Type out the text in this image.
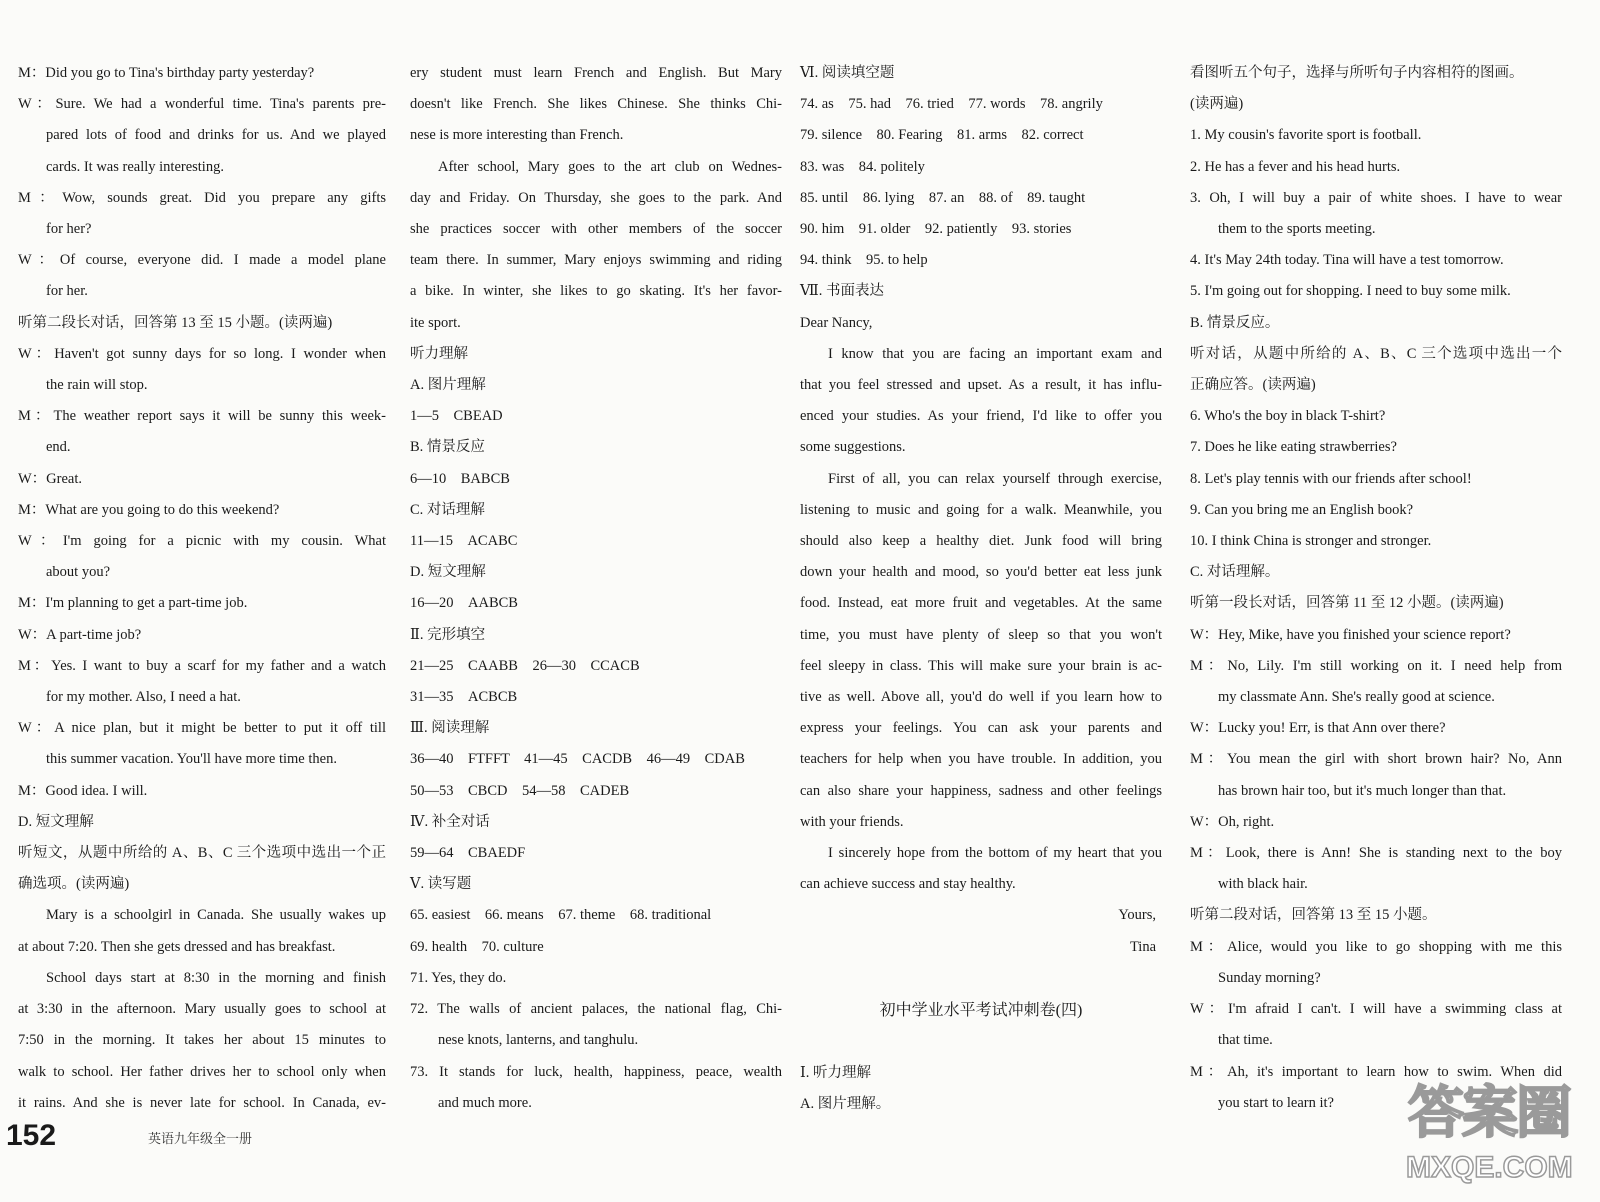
M：Did you go to Tina's birthday party yesterday?
W：Sure. We had a wonderful time. Tina's parents pre-
pared lots of food and drinks for us. And we played
cards. It was really interesting.
M：Wow, sounds great. Did you prepare any gifts
for her?
W：Of course, everyone did. I made a model plane
for her.
听第二段长对话，回答第 13 至 15 小题。(读两遍)
W：Haven't got sunny days for so long. I wonder when
the rain will stop.
M：The weather report says it will be sunny this week-
end.
W：Great.
M：What are you going to do this weekend?
W：I'm going for a picnic with my cousin. What
about you?
M：I'm planning to get a part-time job.
W：A part-time job?
M：Yes. I want to buy a scarf for my father and a watch
for my mother. Also, I need a hat.
W：A nice plan, but it might be better to put it off till
this summer vacation. You'll have more time then.
M：Good idea. I will.
D. 短文理解
听短文，从题中所给的 A、B、C 三个选项中选出一个正
确选项。(读两遍)
Mary is a schoolgirl in Canada. She usually wakes up
at about 7:20. Then she gets dressed and has breakfast.
School days start at 8:30 in the morning and finish
at 3:30 in the afternoon. Mary usually goes to school at
7:50 in the morning. It takes her about 15 minutes to
walk to school. Her father drives her to school only when
it rains. And she is never late for school. In Canada, ev-
ery student must learn French and English. But Mary
doesn't like French. She likes Chinese. She thinks Chi-
nese is more interesting than French.
After school, Mary goes to the art club on Wednes-
day and Friday. On Thursday, she goes to the park. And
she practices soccer with other members of the soccer
team there. In summer, Mary enjoys swimming and riding
a bike. In winter, she likes to go skating. It's her favor-
ite sport.
听力理解
A. 图片理解
1—5　CBEAD
B. 情景反应
6—10　BABCB
C. 对话理解
11—15　ACABC
D. 短文理解
16—20　AABCB
Ⅱ. 完形填空
21—25　CAABB　26—30　CCACB
31—35　ACBCB
Ⅲ. 阅读理解
36—40　FTFFT　41—45　CACDB　46—49　CDAB
50—53　CBCD　54—58　CADEB
Ⅳ. 补全对话
59—64　CBAEDF
Ⅴ. 读写题
65. easiest　66. means　67. theme　68. traditional
69. health　70. culture
71. Yes, they do.
72. The walls of ancient palaces, the national flag, Chi-
nese knots, lanterns, and tanghulu.
73. It stands for luck, health, happiness, peace, wealth
and much more.
Ⅵ. 阅读填空题
74. as　75. had　76. tried　77. words　78. angrily
79. silence　80. Fearing　81. arms　82. correct
83. was　84. politely
85. until　86. lying　87. an　88. of　89. taught
90. him　91. older　92. patiently　93. stories
94. think　95. to help
Ⅶ. 书面表达
Dear Nancy,
I know that you are facing an important exam and
that you feel stressed and upset. As a result, it has influ-
enced your studies. As your friend, I'd like to offer you
some suggestions.
First of all, you can relax yourself through exercise,
listening to music and going for a walk. Meanwhile, you
should also keep a healthy diet. Junk food will bring
down your health and mood, so you'd better eat less junk
food. Instead, eat more fruit and vegetables. At the same
time, you must have plenty of sleep so that you won't
feel sleepy in class. This will make sure your brain is ac-
tive as well. Above all, you'd do well if you learn how to
express your feelings. You can ask your parents and
teachers for help when you have trouble. In addition, you
can also share your happiness, sadness and other feelings
with your friends.
I sincerely hope from the bottom of my heart that you
can achieve success and stay healthy.
Yours,
Tina
初中学业水平考试冲刺卷(四)
Ⅰ. 听力理解
A. 图片理解。
看图听五个句子，选择与所听句子内容相符的图画。
(读两遍)
1. My cousin's favorite sport is football.
2. He has a fever and his head hurts.
3. Oh, I will buy a pair of white shoes. I have to wear
them to the sports meeting.
4. It's May 24th today. Tina will have a test tomorrow.
5. I'm going out for shopping. I need to buy some milk.
B. 情景反应。
听对话，从题中所给的 A、B、C 三个选项中选出一个
正确应答。(读两遍)
6. Who's the boy in black T-shirt?
7. Does he like eating strawberries?
8. Let's play tennis with our friends after school!
9. Can you bring me an English book?
10. I think China is stronger and stronger.
C. 对话理解。
听第一段长对话，回答第 11 至 12 小题。(读两遍)
W：Hey, Mike, have you finished your science report?
M：No, Lily. I'm still working on it. I need help from
my classmate Ann. She's really good at science.
W：Lucky you! Err, is that Ann over there?
M：You mean the girl with short brown hair? No, Ann
has brown hair too, but it's much longer than that.
W：Oh, right.
M：Look, there is Ann! She is standing next to the boy
with black hair.
听第二段对话，回答第 13 至 15 小题。
M：Alice, would you like to go shopping with me this
Sunday morning?
W：I'm afraid I can't. I will have a swimming class at
that time.
M：Ah, it's important to learn how to swim. When did
you start to learn it?
152	英语九年级全一册	答案圈
MXQE.COM
